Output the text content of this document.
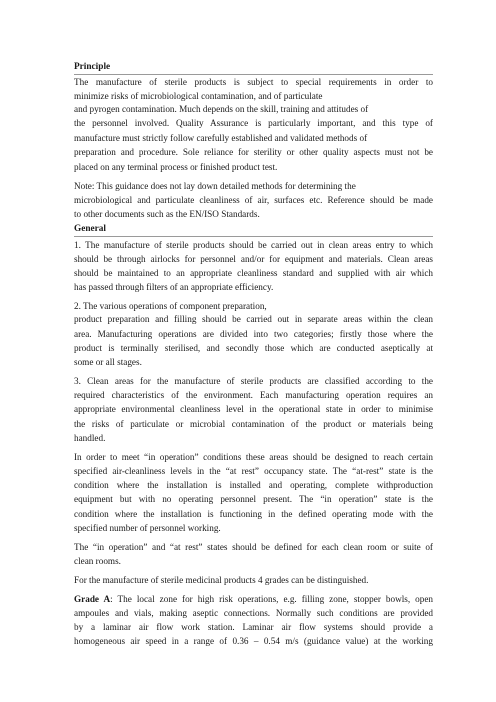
Principle
The manufacture of sterile products is subject to special requirements in order to
minimize risks of microbiological contamination, and of particulate
and pyrogen contamination. Much depends on the skill, training and attitudes of
the personnel involved. Quality Assurance is particularly important, and this type of
manufacture must strictly follow carefully established and validated methods of
preparation and procedure. Sole reliance for sterility or other quality aspects must not be
placed on any terminal process or finished product test.
Note: This guidance does not lay down detailed methods for determining the
microbiological and particulate cleanliness of air, surfaces etc. Reference should be made
to other documents such as the EN/ISO Standards.
General
1. The manufacture of sterile products should be carried out in clean areas entry to which
should be through airlocks for personnel and/or for equipment and materials. Clean areas
should be maintained to an appropriate cleanliness standard and supplied with air which
has passed through filters of an appropriate efficiency.
2. The various operations of component preparation,
product preparation and filling should be carried out in separate areas within the clean
area. Manufacturing operations are divided into two categories; firstly those where the
product is terminally sterilised, and secondly those which are conducted aseptically at
some or all stages.
3. Clean areas for the manufacture of sterile products are classified according to the
required characteristics of the environment. Each manufacturing operation requires an
appropriate environmental cleanliness level in the operational state in order to minimise
the risks of particulate or microbial contamination of the product or materials being
handled.
In order to meet “in operation” conditions these areas should be designed to reach certain
specified air-cleanliness levels in the “at rest” occupancy state. The “at-rest” state is the
condition where the installation is installed and operating, complete withproduction
equipment but with no operating personnel present. The “in operation” state is the
condition where the installation is functioning in the defined operating mode with the
specified number of personnel working.
The “in operation” and “at rest” states should be defined for each clean room or suite of
clean rooms.
For the manufacture of sterile medicinal products 4 grades can be distinguished.
Grade A: The local zone for high risk operations, e.g. filling zone, stopper bowls, open
ampoules and vials, making aseptic connections. Normally such conditions are provided
by a laminar air flow work station. Laminar air flow systems should provide a
homogeneous air speed in a range of 0.36 – 0.54 m/s (guidance value) at the working
